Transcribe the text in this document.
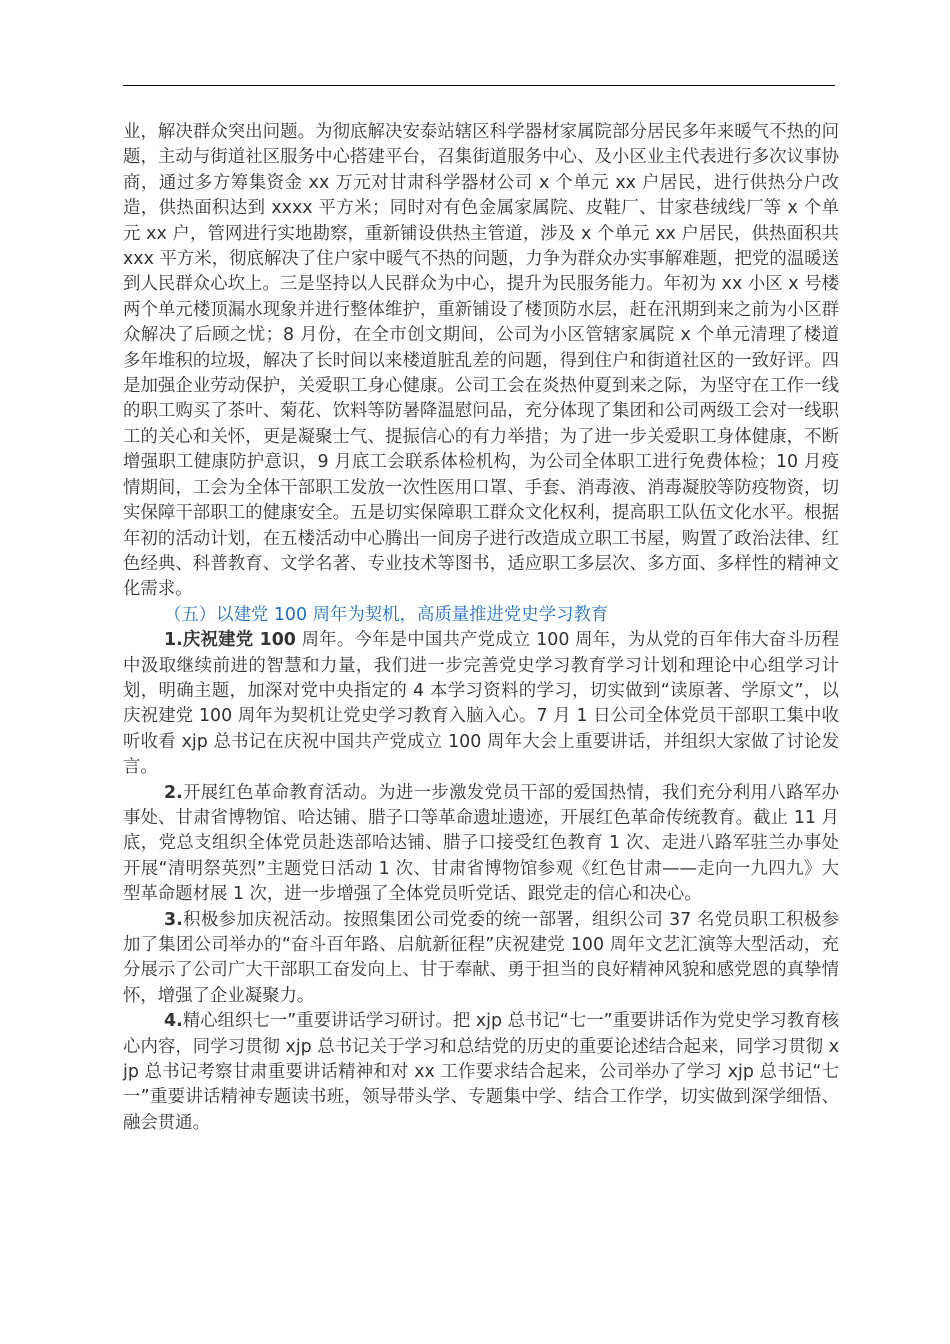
业，解决群众突出问题。为彻底解决安泰站辖区科学器材家属院部分居民多年来暖气不热的问题，主动与街道社区服务中心搭建平台，召集街道服务中心、及小区业主代表进行多次议事协商，通过多方筹集资金 xx 万元对甘肃科学器材公司 x 个单元 xx 户居民，进行供热分户改造，供热面积达到 xxxx 平方米；同时对有色金属家属院、皮鞋厂、甘家巷绒线厂等 x 个单元 xx 户，管网进行实地勘察，重新铺设供热主管道，涉及 x 个单元 xx 户居民，供热面积共 xxx 平方米，彻底解决了住户家中暖气不热的问题，力争为群众办实事解难题，把党的温暖送到人民群众心坎上。三是坚持以人民群众为中心，提升为民服务能力。年初为 xx 小区 x 号楼两个单元楼顶漏水现象并进行整体维护，重新铺设了楼顶防水层，赶在汛期到来之前为小区群众解决了后顾之忧；8 月份，在全市创文期间，公司为小区管辖家属院 x 个单元清理了楼道多年堆积的垃圾，解决了长时间以来楼道脏乱差的问题，得到住户和街道社区的一致好评。四是加强企业劳动保护，关爱职工身心健康。公司工会在炎热仲夏到来之际，为坚守在工作一线的职工购买了茶叶、菊花、饮料等防暑降温慰问品，充分体现了集团和公司两级工会对一线职工的关心和关怀，更是凝聚士气、提振信心的有力举措；为了进一步关爱职工身体健康，不断增强职工健康防护意识，9 月底工会联系体检机构，为公司全体职工进行免费体检；10 月疫情期间，工会为全体干部职工发放一次性医用口罩、手套、消毒液、消毒凝胶等防疫物资，切实保障干部职工的健康安全。五是切实保障职工群众文化权利，提高职工队伍文化水平。根据年初的活动计划，在五楼活动中心腾出一间房子进行改造成立职工书屋，购置了政治法律、红色经典、科普教育、文学名著、专业技术等图书，适应职工多层次、多方面、多样性的精神文化需求。

（五）以建党 100 周年为契机，高质量推进党史学习教育

1.庆祝建党 100 周年。今年是中国共产党成立 100 周年，为从党的百年伟大奋斗历程中汲取继续前进的智慧和力量，我们进一步完善党史学习教育学习计划和理论中心组学习计划，明确主题，加深对党中央指定的 4 本学习资料的学习，切实做到“读原著、学原文”，以庆祝建党 100 周年为契机让党史学习教育入脑入心。7 月 1 日公司全体党员干部职工集中收听收看 xjp 总书记在庆祝中国共产党成立 100 周年大会上重要讲话，并组织大家做了讨论发言。

2.开展红色革命教育活动。为进一步激发党员干部的爱国热情，我们充分利用八路军办事处、甘肃省博物馆、哈达铺、腊子口等革命遗址遗迹，开展红色革命传统教育。截止 11 月底，党总支组织全体党员赴迭部哈达铺、腊子口接受红色教育 1 次、走进八路军驻兰办事处开展“清明祭英烈”主题党日活动 1 次、甘肃省博物馆参观《红色甘肃——走向一九四九》大型革命题材展 1 次，进一步增强了全体党员听党话、跟党走的信心和决心。

3.积极参加庆祝活动。按照集团公司党委的统一部署，组织公司 37 名党员职工积极参加了集团公司举办的“奋斗百年路、启航新征程”庆祝建党 100 周年文艺汇演等大型活动，充分展示了公司广大干部职工奋发向上、甘于奉献、勇于担当的良好精神风貌和感党恩的真挚情怀，增强了企业凝聚力。

4.精心组织七一”重要讲话学习研讨。把 xjp 总书记“七一”重要讲话作为党史学习教育核心内容，同学习贯彻 xjp 总书记关于学习和总结党的历史的重要论述结合起来，同学习贯彻 xjp 总书记考察甘肃重要讲话精神和对 xx 工作要求结合起来，公司举办了学习 xjp 总书记“七一”重要讲话精神专题读书班，领导带头学、专题集中学、结合工作学，切实做到深学细悟、融会贯通。
